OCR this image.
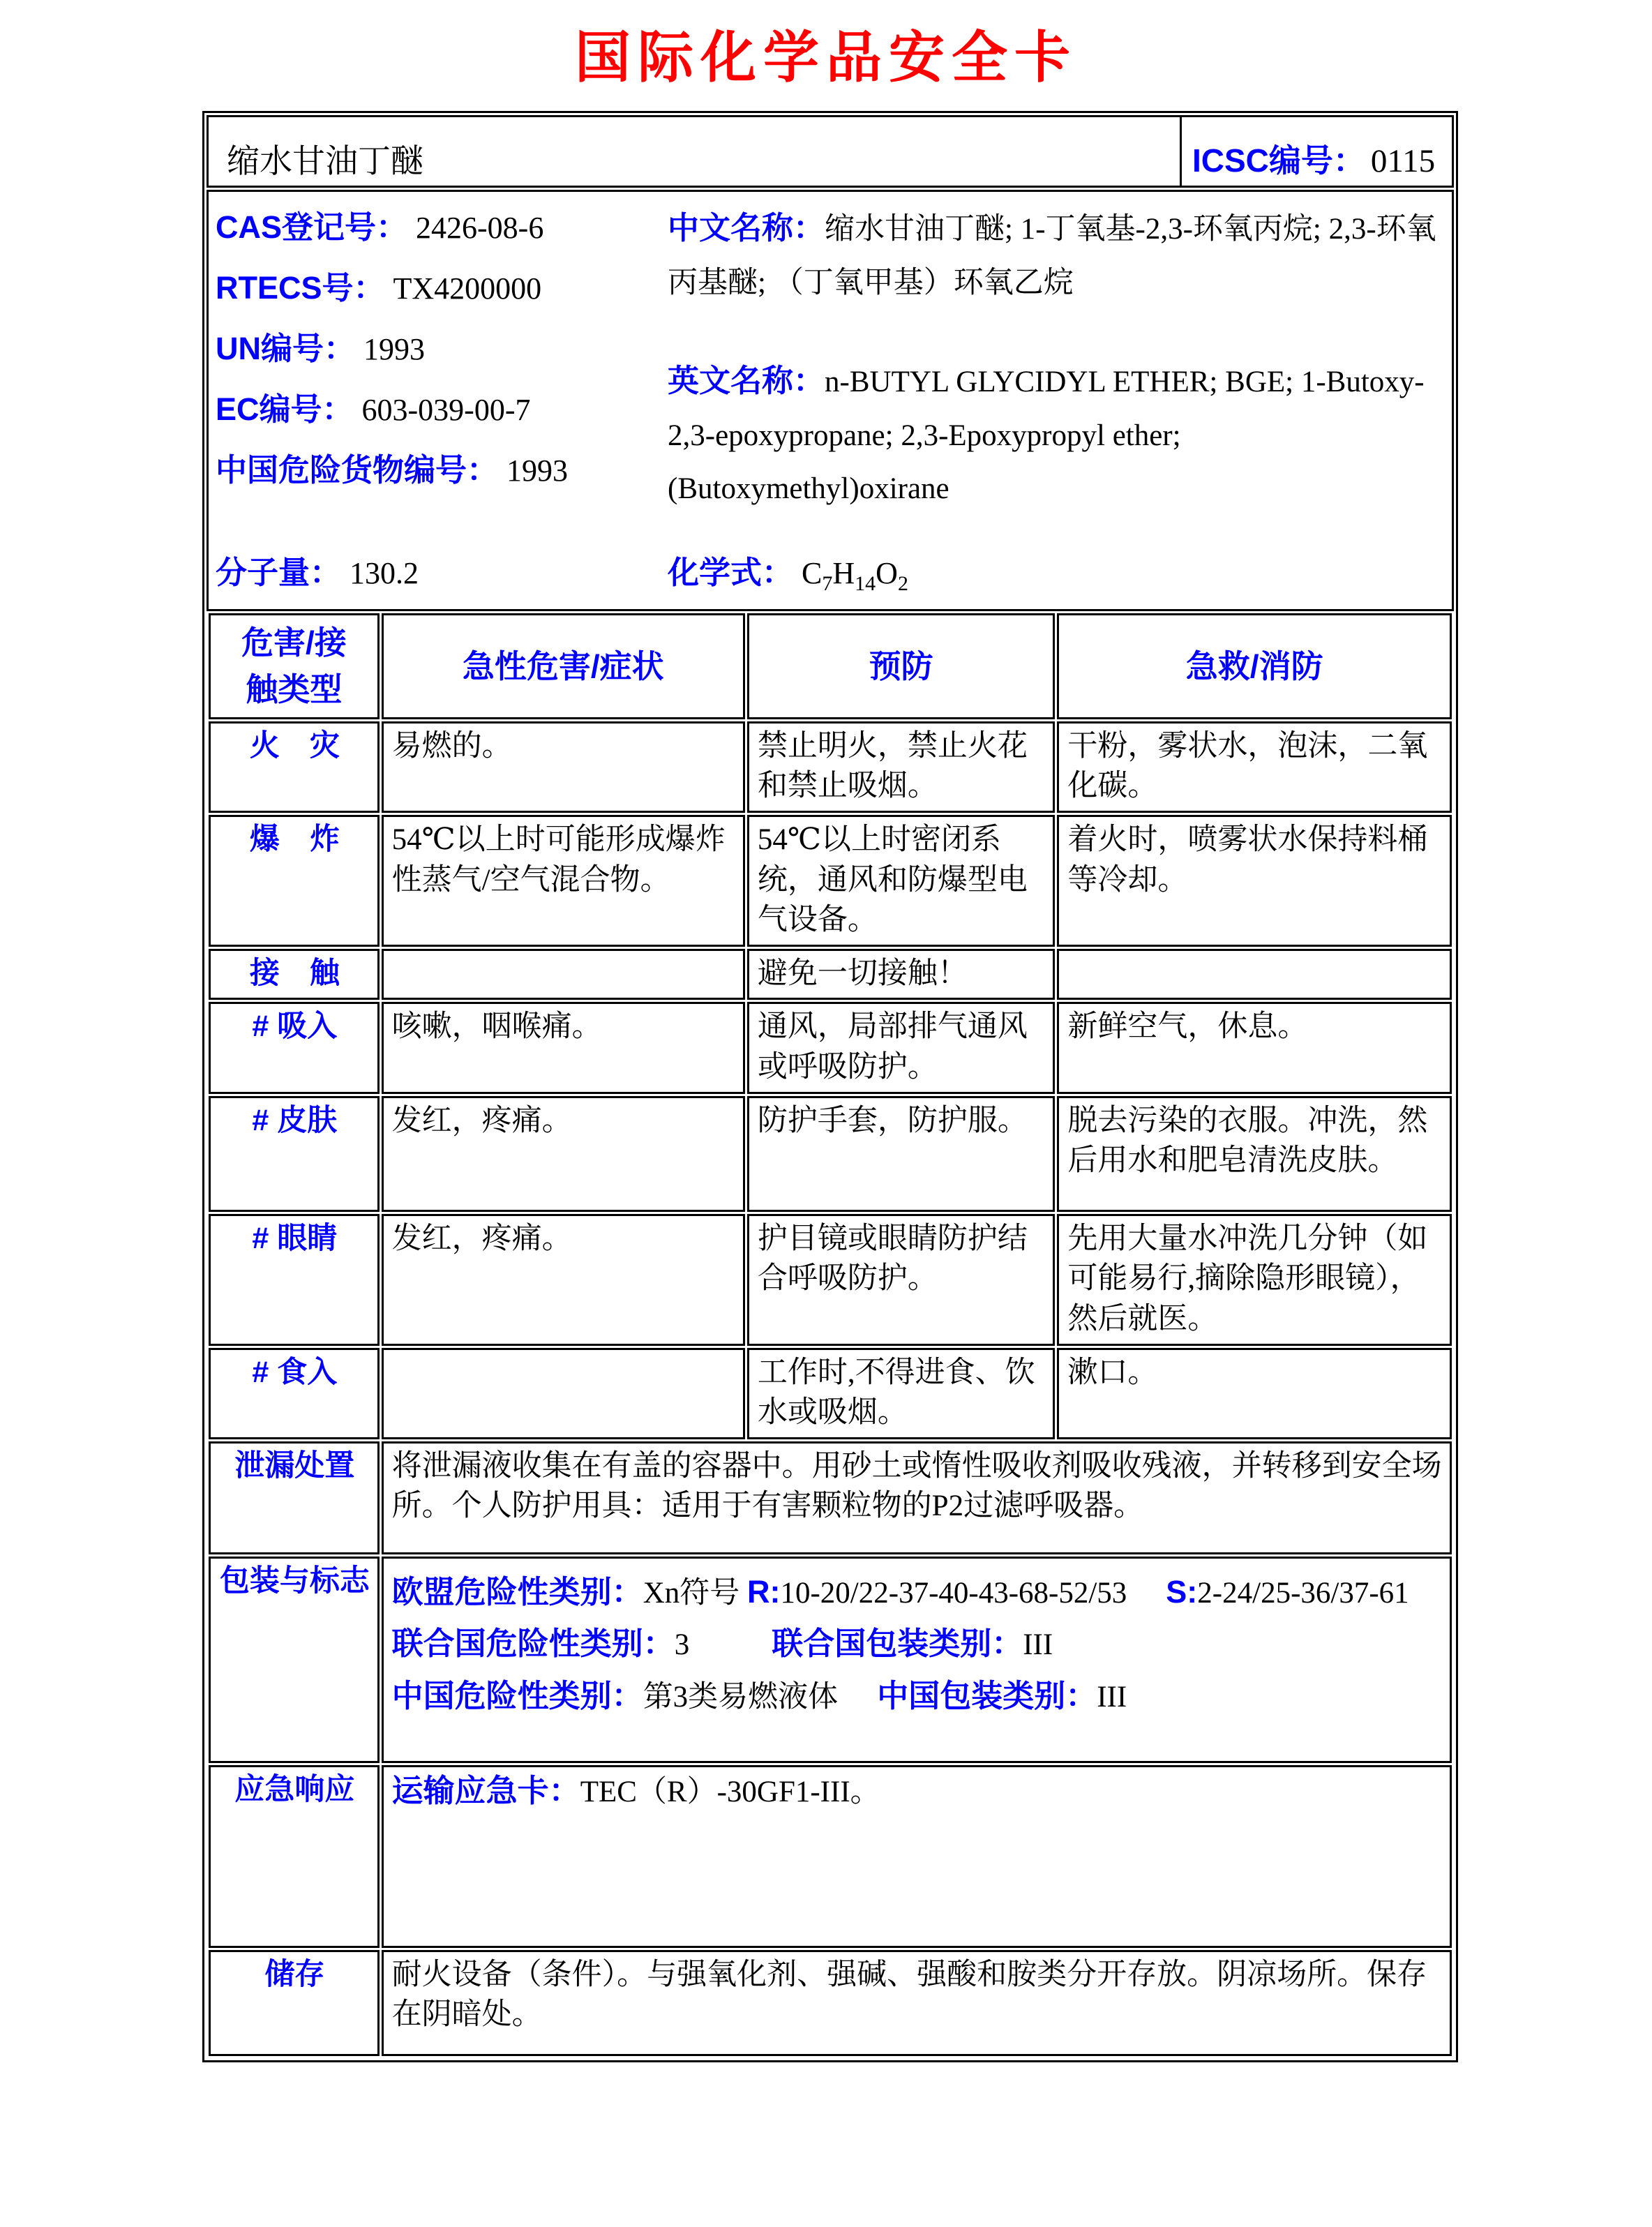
国际化学品安全卡
缩水甘油丁醚	ICSC编号： 0115
CAS登记号： 2426-08-6
RTECS号： TX4200000
UN编号： 1993
EC编号： 603-039-00-7
中国危险货物编号： 1993

中文名称：缩水甘油丁醚; 1-丁氧基-2,3-环氧丙烷; 2,3-环氧丙基醚; （丁氧甲基）环氧乙烷

英文名称：n-BUTYL GLYCIDYL ETHER; BGE; 1-Butoxy-2,3-epoxypropane; 2,3-Epoxypropyl ether; (Butoxymethyl)oxirane

分子量： 130.2	化学式： $C_7H_{14}O_2$
危害/接触类型	急性危害/症状	预防	急救/消防
火　灾	易燃的。	禁止明火，禁止火花和禁止吸烟。	干粉，雾状水，泡沫，二氧化碳。
爆　炸	54℃以上时可能形成爆炸性蒸气/空气混合物。	54℃以上时密闭系统，通风和防爆型电气设备。	着火时，喷雾状水保持料桶等冷却。
接　触		避免一切接触！	
# 吸入	咳嗽，咽喉痛。	通风，局部排气通风或呼吸防护。	新鲜空气，休息。
# 皮肤	发红，疼痛。	防护手套，防护服。	脱去污染的衣服。冲洗，然后用水和肥皂清洗皮肤。
# 眼睛	发红，疼痛。	护目镜或眼睛防护结合呼吸防护。	先用大量水冲洗几分钟（如可能易行,摘除隐形眼镜），然后就医。
# 食入		工作时,不得进食、饮水或吸烟。	漱口。
泄漏处置	将泄漏液收集在有盖的容器中。用砂土或惰性吸收剂吸收残液，并转移到安全场所。个人防护用具：适用于有害颗粒物的P2过滤呼吸器。		
包装与标志	欧盟危险性类别：Xn符号 R:10-20/22-37-40-43-68-52/53 S:2-24/25-36/37-61
联合国危险性类别：3 联合国包装类别：III
中国危险性类别：第3类易燃液体 中国包装类别：III		

应急响应	运输应急卡：TEC（R）-30GF1-III。		
储存	耐火设备（条件）。与强氧化剂、强碱、强酸和胺类分开存放。阴凉场所。保存在阴暗处。		
